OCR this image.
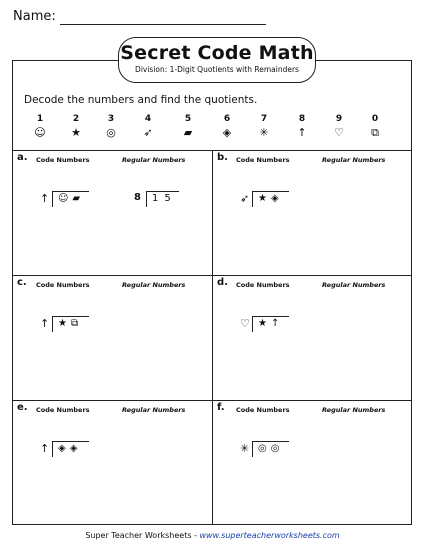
Name:
Secret Code Math
Division: 1-Digit Quotients with Remainders
Decode the numbers and find the quotients.
1
☺
2
★
3
◎
4
➶
5
▰
6
◈
7
✳
8
↑
9
♡
0
⧉
a. Code Numbers	Regular Numbers
↑ ☺▰	8 15
b. Code Numbers	Regular Numbers
➶ ★◈
c. Code Numbers	Regular Numbers
↑ ★⧉
d. Code Numbers	Regular Numbers
♡ ★↑
e. Code Numbers	Regular Numbers
↑ ◈◈
f. Code Numbers	Regular Numbers
✳ ◎◎
Super Teacher Worksheets - www.superteacherworksheets.com
